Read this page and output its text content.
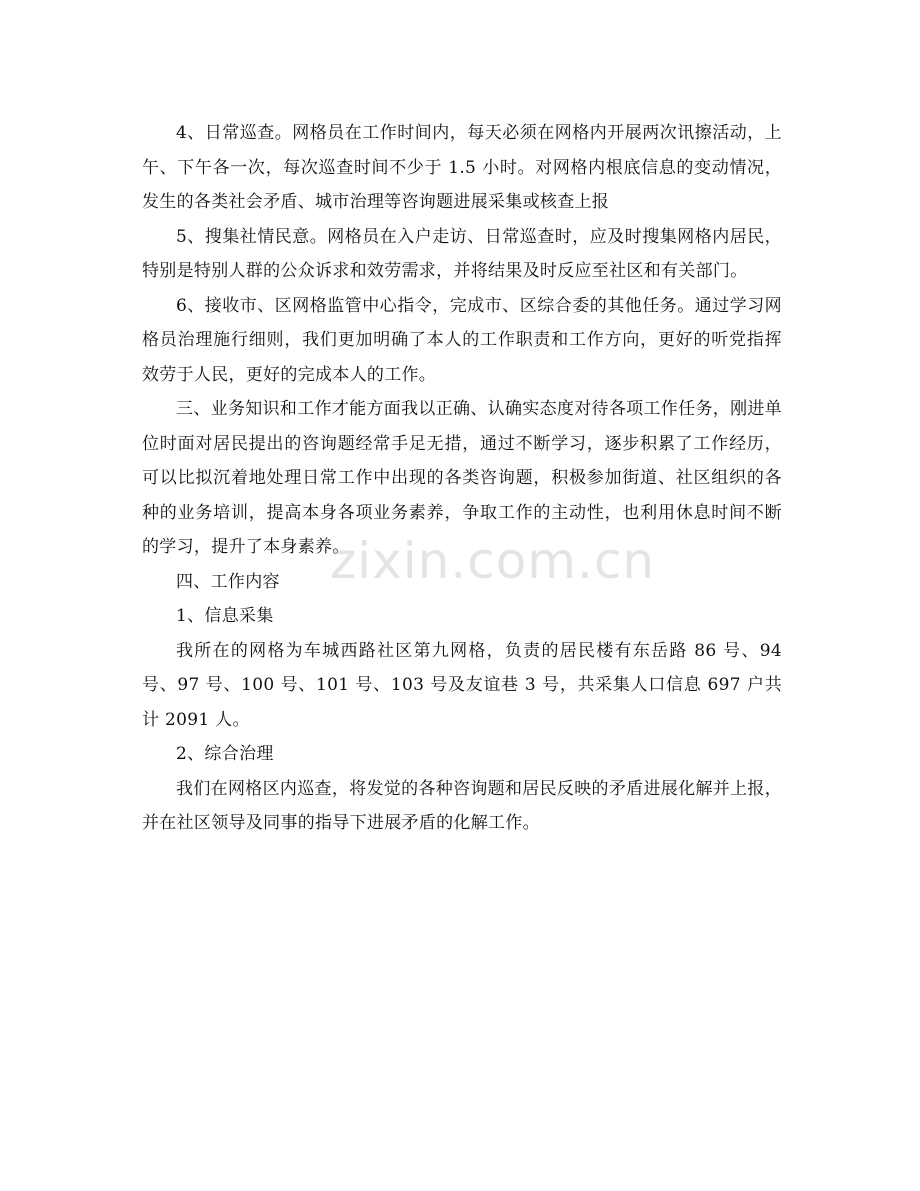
4、日常巡查。网格员在工作时间内，每天必须在网格内开展两次讯擦活动，上午、下午各一次，每次巡查时间不少于 1.5 小时。对网格内根底信息的变动情况，发生的各类社会矛盾、城市治理等咨询题进展采集或核查上报

5、搜集社情民意。网格员在入户走访、日常巡查时，应及时搜集网格内居民，特别是特别人群的公众诉求和效劳需求，并将结果及时反应至社区和有关部门。

6、接收市、区网格监管中心指令，完成市、区综合委的其他任务。通过学习网格员治理施行细则，我们更加明确了本人的工作职责和工作方向，更好的听党指挥效劳于人民，更好的完成本人的工作。

三、业务知识和工作才能方面我以正确、认确实态度对待各项工作任务，刚进单位时面对居民提出的咨询题经常手足无措，通过不断学习，逐步积累了工作经历，可以比拟沉着地处理日常工作中出现的各类咨询题，积极参加街道、社区组织的各种的业务培训，提高本身各项业务素养，争取工作的主动性，也利用休息时间不断的学习，提升了本身素养。

四、工作内容

1、信息采集

我所在的网格为车城西路社区第九网格，负责的居民楼有东岳路 86 号、94 号、97 号、100 号、101 号、103 号及友谊巷 3 号，共采集人口信息 697 户共计 2091 人。

2、综合治理

我们在网格区内巡查，将发觉的各种咨询题和居民反映的矛盾进展化解并上报，并在社区领导及同事的指导下进展矛盾的化解工作。

zixin.com.cn
